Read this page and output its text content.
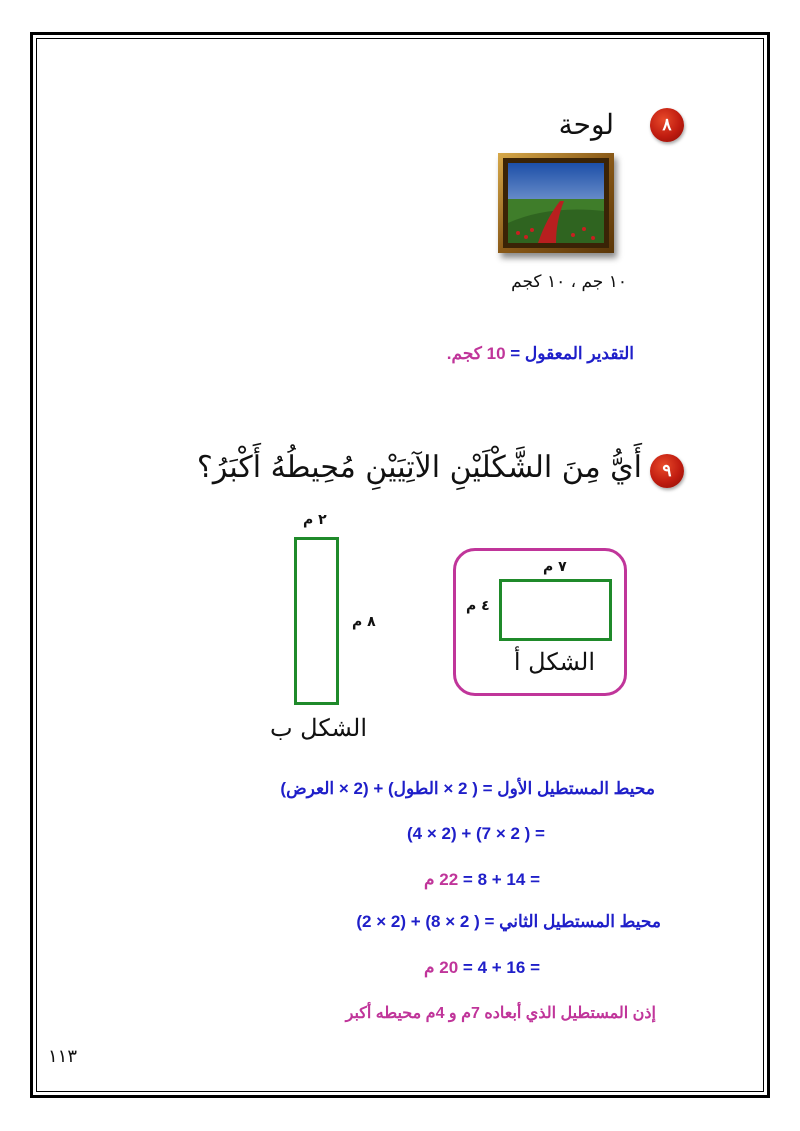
٨
لوحة
١٠ جم ، ١٠ كجم
التقدير المعقول = 10 كجم.
٩
أَيُّ مِنَ الشَّكْلَيْنِ الآتِيَيْنِ مُحِيطُهُ أَكْبَرُ؟
٧ م
٤ م
الشكل أ
٢ م
٨ م
الشكل ب
محيط المستطيل الأول = ( 2 × الطول) + (2 × العرض)
= ( 2 × 7) + (2 × 4)
= 14 + 8 = 22 م
محيط المستطيل الثاني = ( 2 × 8) + (2 × 2)
= 16 + 4 = 20 م
إذن المستطيل الذي أبعاده 7م و 4م محيطه أكبر
١١٣
